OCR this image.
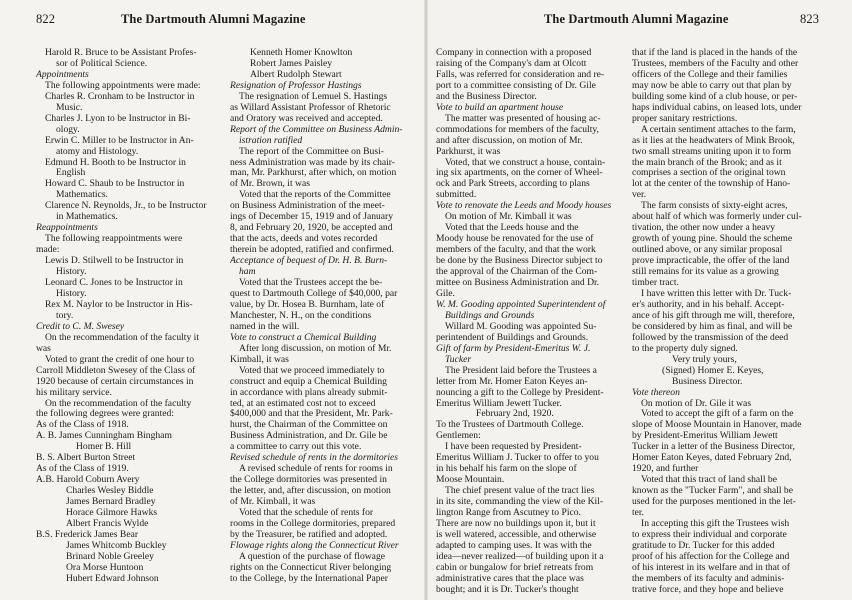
822	The Dartmouth Alumni Magazine
Harold R. Bruce to be Assistant Profes-
sor of Political Science.
Appointments
The following appointments were made:
Charles R. Cronham to be Instructor in
Music.
Charles J. Lyon to be Instructor in Bi-
ology.
Erwin C. Miller to be Instructor in An-
atomy and Histology.
Edmund H. Booth to be Instructor in
English
Howard C. Shaub to be Instructor in
Mathematics.
Clarence N. Reynolds, Jr., to be Instructor
in Mathematics.
Reappointments
The following reappointments were
made:
Lewis D. Stilwell to be Instructor in
History.
Leonard C. Jones to be Instructor in
History.
Rex M. Naylor to be Instructor in His-
tory.
Credit to C. M. Swesey
On the recommendation of the faculty it
was
Voted to grant the credit of one hour to
Carroll Middleton Swesey of the Class of
1920 because of certain circumstances in
his military service.
On the recommendation of the faculty
the following degrees were granted:
As of the Class of 1918.
A. B. James Cunningham Bingham
Homer B. Hill
B. S. Albert Burton Street
As of the Class of 1919.
A.B. Harold Coburn Avery
Charles Wesley Biddle
James Bernard Bradley
Horace Gilmore Hawks
Albert Francis Wylde
B.S. Frederick James Bear
James Whitcomb Buckley
Brinard Noble Greeley
Ora Morse Huntoon
Hubert Edward Johnson
Kenneth Homer Knowlton
Robert James Paisley
Albert Rudolph Stewart
Resignation of Professor Hastings
The resignation of Lemuel S. Hastings
as Willard Assistant Professor of Rhetoric
and Oratory was received and accepted.
Report of the Committee on Business Admin-
istration ratified
The report of the Committee on Busi-
ness Administration was made by its chair-
man, Mr. Parkhurst, after which, on motion
of Mr. Brown, it was
Voted that the reports of the Committee
on Business Administration of the meet-
ings of December 15, 1919 and of January
8, and February 20, 1920, be accepted and
that the acts, deeds and votes recorded
therein be adopted, ratified and confirmed.
Acceptance of bequest of Dr. H. B. Burn-
ham
Voted that the Trustees accept the be-
quest to Dartmouth College of $40,000, par
value, by Dr. Hosea B. Burnham, late of
Manchester, N. H., on the conditions
named in the will.
Vote to construct a Chemical Building
After long discussion, on motion of Mr.
Kimball, it was
Voted that we proceed immediately to
construct and equip a Chemical Building
in accordance with plans already submit-
ted, at an estimated cost not to exceed
$400,000 and that the President, Mr. Park-
hurst, the Chairman of the Committee on
Business Administration, and Dr. Gile be
a committee to carry out this vote.
Revised schedule of rents in the dormitories
A revised schedule of rents for rooms in
the College dormitories was presented in
the letter, and, after discussion, on motion
of Mr. Kimball, it was
Voted that the schedule of rents for
rooms in the College dormitories, prepared
by the Treasurer, be ratified and adopted.
Flowage rights along the Connecticut River
A question of the purchase of flowage
rights on the Connecticut River belonging
to the College, by the International Paper
The Dartmouth Alumni Magazine	823
Company in connection with a proposed
raising of the Company's dam at Olcott
Falls, was referred for consideration and re-
port to a committee consisting of Dr. Gile
and the Business Director.
Vote to build an apartment house
The matter was presented of housing ac-
commodations for members of the faculty,
and after discussion, on motion of Mr.
Parkhurst, it was
Voted, that we construct a house, contain-
ing six apartments, on the corner of Wheel-
ock and Park Streets, according to plans
submitted.
Vote to renovate the Leeds and Moody houses
On motion of Mr. Kimball it was
Voted that the Leeds house and the
Moody house be renovated for the use of
members of the faculty, and that the work
be done by the Business Director subject to
the approval of the Chairman of the Com-
mittee on Business Administration and Dr.
Gile.
W. M. Gooding appointed Superintendent of
Buildings and Grounds
Willard M. Gooding was appointed Su-
perintendent of Buildings and Grounds.
Gift of farm by President-Emeritus W. J.
Tucker
The President laid before the Trustees a
letter from Mr. Homer Eaton Keyes an-
nouncing a gift to the College by President-
Emeritus William Jewett Tucker.
February 2nd, 1920.
To the Trustees of Dartmouth College.
Gentlemen:
I have been requested by President-
Emeritus William J. Tucker to offer to you
in his behalf his farm on the slope of
Moose Mountain.
The chief present value of the tract lies
in its site, commanding the view of the Kil-
lington Range from Ascutney to Pico.
There are now no buildings upon it, but it
is well watered, accessible, and otherwise
adapted to camping uses. It was with the
idea—never realized—of building upon it a
cabin or bungalow for brief retreats from
administrative cares that the place was
bought; and it is Dr. Tucker's thought
that if the land is placed in the hands of the
Trustees, members of the Faculty and other
officers of the College and their families
may now be able to carry out that plan by
building some kind of a club house, or per-
haps individual cabins, on leased lots, under
proper sanitary restrictions.
A certain sentiment attaches to the farm,
as it lies at the headwaters of Mink Brook,
two small streams uniting upon it to form
the main branch of the Brook; and as it
comprises a section of the original town
lot at the center of the township of Hano-
ver.
The farm consists of sixty-eight acres,
about half of which was formerly under cul-
tivation, the other now under a heavy
growth of young pine. Should the scheme
outlined above, or any similar proposal
prove impracticable, the offer of the land
still remains for its value as a growing
timber tract.
I have written this letter with Dr. Tuck-
er's authority, and in his behalf. Accept-
ance of his gift through me will, therefore,
be considered by him as final, and will be
followed by the transmission of the deed
to the property duly signed.
Very truly yours,
(Signed) Homer E. Keyes,
Business Director.
Vote thereon
On motion of Dr. Gile it was
Voted to accept the gift of a farm on the
slope of Moose Mountain in Hanover, made
by President-Emeritus William Jewett
Tucker in a letter of the Business Director,
Homer Eaton Keyes, dated February 2nd,
1920, and further
Voted that this tract of land shall be
known as the "Tucker Farm", and shall be
used for the purposes mentioned in the let-
ter.
In accepting this gift the Trustees wish
to express their individual and corporate
gratitude to Dr. Tucker for this added
proof of his affection for the College and
of his interest in its welfare and in that of
the members of its faculty and adminis-
trative force, and they hope and believe
